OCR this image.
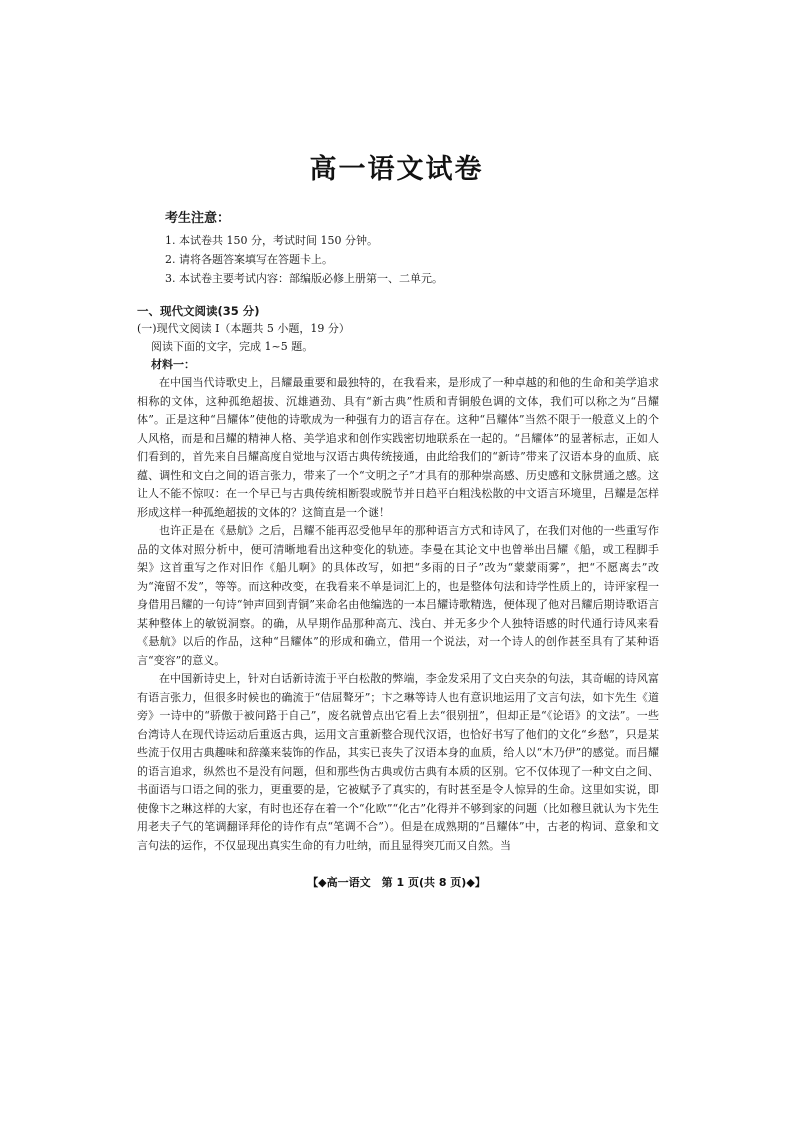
高一语文试卷
考生注意：
1. 本试卷共 150 分，考试时间 150 分钟。
2. 请将各题答案填写在答题卡上。
3. 本试卷主要考试内容：部编版必修上册第一、二单元。
一、现代文阅读(35 分)
(一)现代文阅读 I（本题共 5 小题，19 分）
阅读下面的文字，完成 1~5 题。
材料一：

在中国当代诗歌史上，吕耀最重要和最独特的，在我看来，是形成了一种卓越的和他的生命和美学追求相称的文体，这种孤绝超拔、沉雄遒劲、具有“新古典”性质和青铜般色调的文体，我们可以称之为“吕耀体”。正是这种“吕耀体”使他的诗歌成为一种强有力的语言存在。这种“吕耀体”当然不限于一般意义上的个人风格，而是和吕耀的精神人格、美学追求和创作实践密切地联系在一起的。“吕耀体”的显著标志，正如人们看到的，首先来自吕耀高度自觉地与汉语古典传统接通，由此给我们的“新诗”带来了汉语本身的血质、底蕴、调性和文白之间的语言张力，带来了一个“文明之子”才具有的那种崇高感、历史感和文脉贯通之感。这让人不能不惊叹：在一个早已与古典传统相断裂或脱节并日趋平白粗浅松散的中文语言环境里，吕耀是怎样形成这样一种孤绝超拔的文体的？这简直是一个谜！

也许正是在《悬航》之后，吕耀不能再忍受他早年的那种语言方式和诗风了，在我们对他的一些重写作品的文体对照分析中，便可清晰地看出这种变化的轨迹。李曼在其论文中也曾举出吕耀《船，或工程脚手架》这首重写之作对旧作《船儿啊》的具体改写，如把“多雨的日子”改为“蒙蒙雨雾”，把“不愿离去”改为“淹留不发”，等等。而这种改变，在我看来不单是词汇上的，也是整体句法和诗学性质上的，诗评家程一身借用吕耀的一句诗“钟声回到青铜”来命名由他编选的一本吕耀诗歌精选，便体现了他对吕耀后期诗歌语言某种整体上的敏锐洞察。的确，从早期作品那种高亢、浅白、并无多少个人独特语感的时代通行诗风来看《悬航》以后的作品，这种“吕耀体”的形成和确立，借用一个说法，对一个诗人的创作甚至具有了某种语言“变容”的意义。

在中国新诗史上，针对白话新诗流于平白松散的弊端，李金发采用了文白夹杂的句法，其奇崛的诗风富有语言张力，但很多时候也的确流于“佶屈聱牙”；卞之琳等诗人也有意识地运用了文言句法，如卞先生《道旁》一诗中的“骄傲于被问路于自己”，废名就曾点出它看上去“很别扭”，但却正是“《论语》的文法”。一些台湾诗人在现代诗运动后重返古典，运用文言重新整合现代汉语，也恰好书写了他们的文化“乡愁”，只是某些流于仅用古典趣味和辞藻来装饰的作品，其实已丧失了汉语本身的血质，给人以“木乃伊”的感觉。而吕耀的语言追求，纵然也不是没有问题，但和那些伪古典或仿古典有本质的区别。它不仅体现了一种文白之间、书面语与口语之间的张力，更重要的是，它被赋予了真实的，有时甚至是令人惊异的生命。这里如实说，即使像卞之琳这样的大家，有时也还存在着一个“化欧”“化古”化得并不够到家的问题（比如穆旦就认为卞先生用老夫子气的笔调翻译拜伦的诗作有点“笔调不合”）。但是在成熟期的“吕耀体”中，古老的构词、意象和文言句法的运作，不仅显现出真实生命的有力吐纳，而且显得突兀而又自然。当

【◆高一语文　第 1 页(共 8 页)◆】
